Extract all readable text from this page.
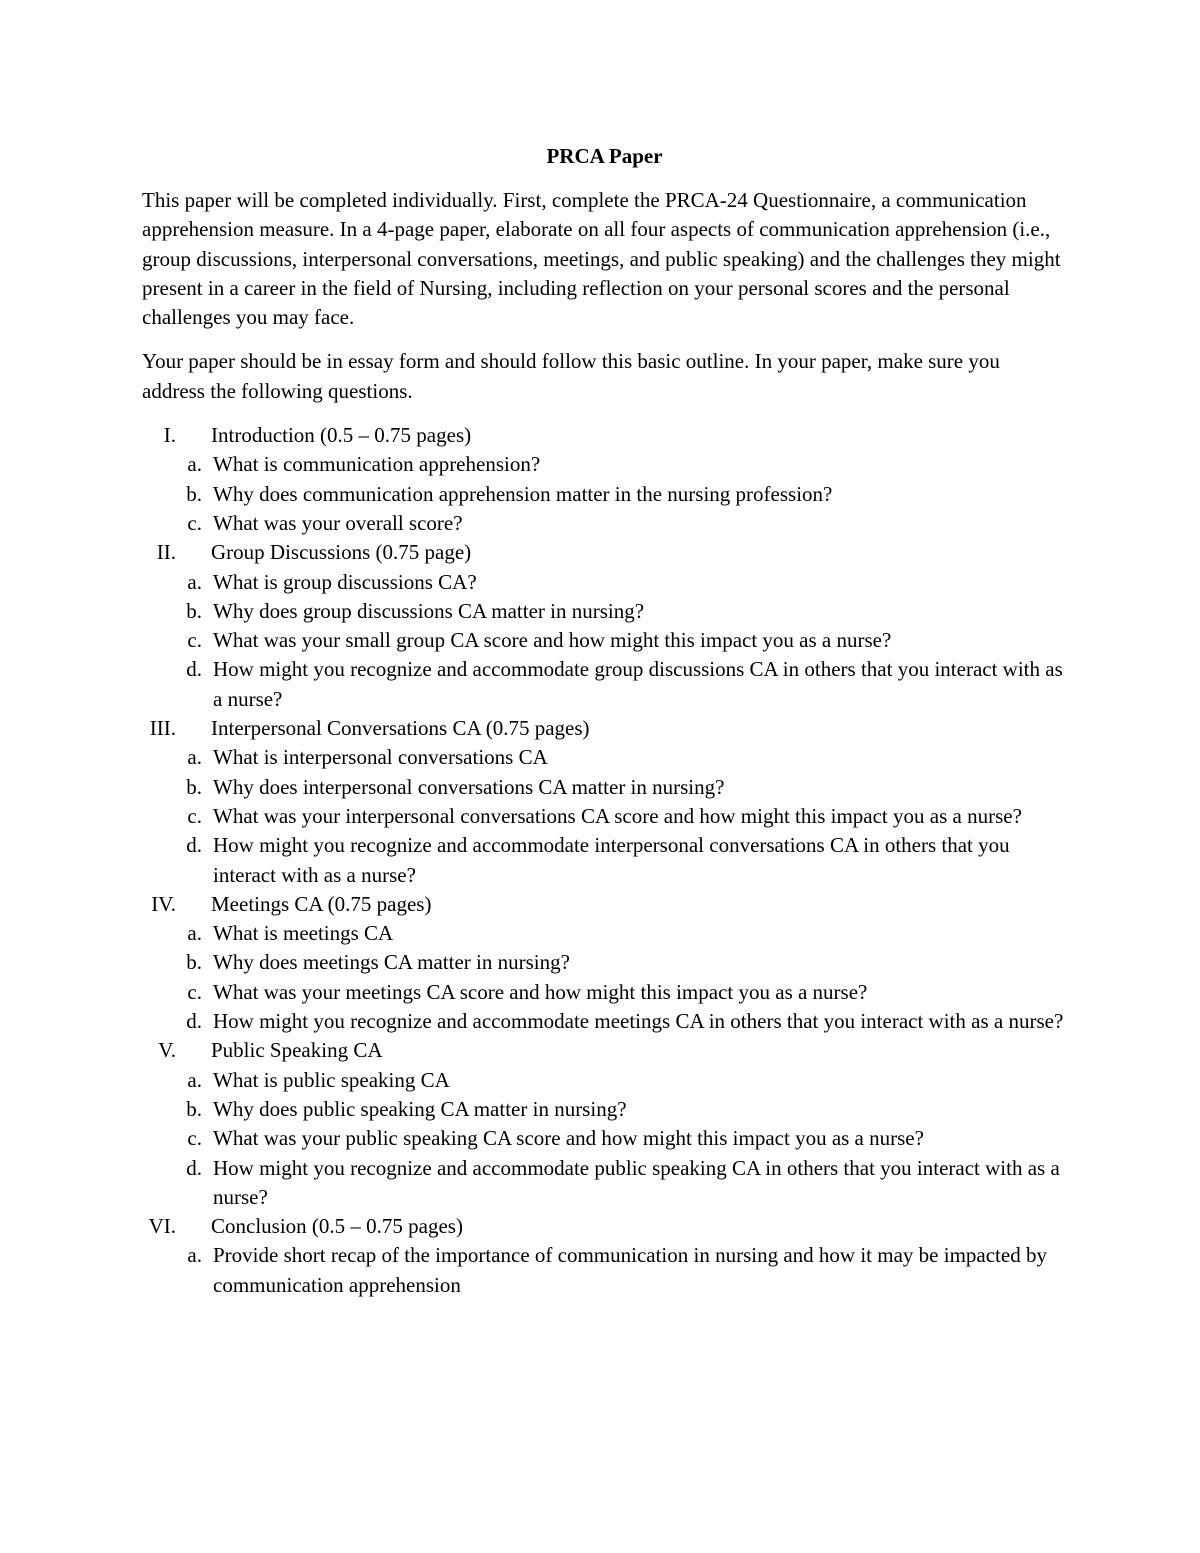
PRCA Paper
This paper will be completed individually. First, complete the PRCA-24 Questionnaire, a communication apprehension measure. In a 4-page paper, elaborate on all four aspects of communication apprehension (i.e., group discussions, interpersonal conversations, meetings, and public speaking) and the challenges they might present in a career in the field of Nursing, including reflection on your personal scores and the personal challenges you may face.
Your paper should be in essay form and should follow this basic outline. In your paper, make sure you address the following questions.
I. Introduction (0.5 – 0.75 pages)
a. What is communication apprehension?
b. Why does communication apprehension matter in the nursing profession?
c. What was your overall score?
II. Group Discussions (0.75 page)
a. What is group discussions CA?
b. Why does group discussions CA matter in nursing?
c. What was your small group CA score and how might this impact you as a nurse?
d. How might you recognize and accommodate group discussions CA in others that you interact with as a nurse?
III. Interpersonal Conversations CA (0.75 pages)
a. What is interpersonal conversations CA
b. Why does interpersonal conversations CA matter in nursing?
c. What was your interpersonal conversations CA score and how might this impact you as a nurse?
d. How might you recognize and accommodate interpersonal conversations CA in others that you interact with as a nurse?
IV. Meetings CA (0.75 pages)
a. What is meetings CA
b. Why does meetings CA matter in nursing?
c. What was your meetings CA score and how might this impact you as a nurse?
d. How might you recognize and accommodate meetings CA in others that you interact with as a nurse?
V. Public Speaking CA
a. What is public speaking CA
b. Why does public speaking CA matter in nursing?
c. What was your public speaking CA score and how might this impact you as a nurse?
d. How might you recognize and accommodate public speaking CA in others that you interact with as a nurse?
VI. Conclusion (0.5 – 0.75 pages)
a. Provide short recap of the importance of communication in nursing and how it may be impacted by communication apprehension
